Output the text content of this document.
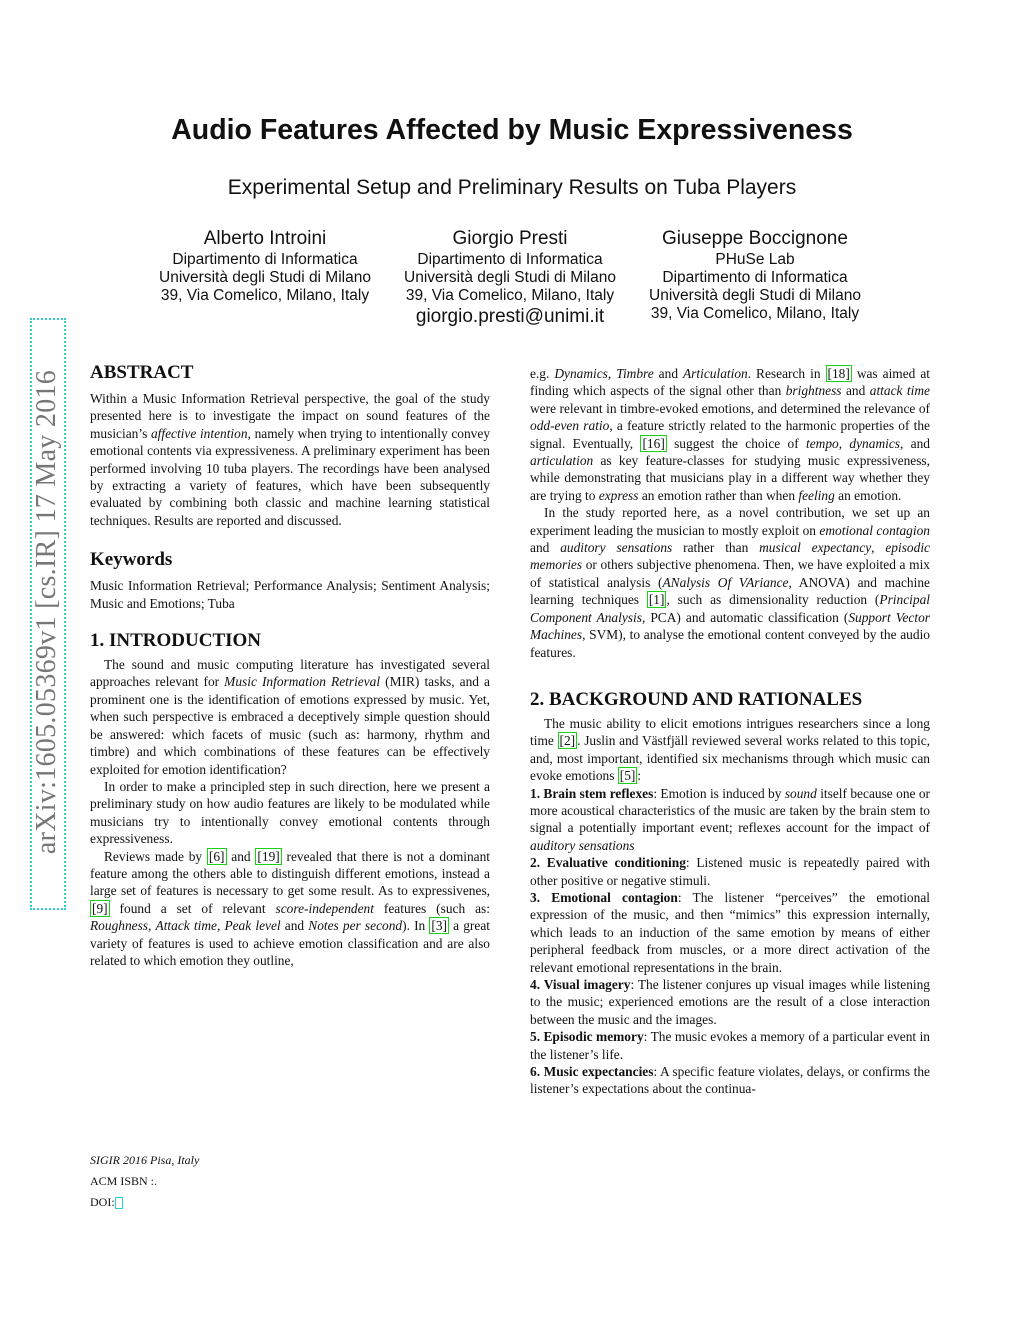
Audio Features Affected by Music Expressiveness
Experimental Setup and Preliminary Results on Tuba Players
Alberto Introini
Dipartimento di Informatica
Università degli Studi di Milano
39, Via Comelico, Milano, Italy
Giorgio Presti
Dipartimento di Informatica
Università degli Studi di Milano
39, Via Comelico, Milano, Italy
giorgio.presti@unimi.it
Giuseppe Boccignone
PHuSe Lab
Dipartimento di Informatica
Università degli Studi di Milano
39, Via Comelico, Milano, Italy
arXiv:1605.05369v1 [cs.IR] 17 May 2016 ABSTRACT

Within a Music Information Retrieval perspective, the goal of the study presented here is to investigate the impact on sound features of the musician’s affective intention, namely when trying to intentionally convey emotional contents via expressiveness. A preliminary experiment has been performed involving 10 tuba players. The recordings have been analysed by extracting a variety of features, which have been subsequently evaluated by combining both classic and machine learning statistical techniques. Results are reported and discussed.

Keywords

Music Information Retrieval; Performance Analysis; Sentiment Analysis; Music and Emotions; Tuba

1. INTRODUCTION

The sound and music computing literature has investigated several approaches relevant for Music Information Retrieval (MIR) tasks, and a prominent one is the identification of emotions expressed by music. Yet, when such perspective is embraced a deceptively simple question should be answered: which facets of music (such as: harmony, rhythm and timbre) and which combinations of these features can be effectively exploited for emotion identification?

In order to make a principled step in such direction, here we present a preliminary study on how audio features are likely to be modulated while musicians try to intentionally convey emotional contents through expressiveness.

Reviews made by [6] and [19] revealed that there is not a dominant feature among the others able to distinguish different emotions, instead a large set of features is necessary to get some result. As to expressivenes, [9] found a set of relevant score-independent features (such as: Roughness, Attack time, Peak level and Notes per second). In [3] a great variety of features is used to achieve emotion classification and are also related to which emotion they outline,

SIGIR 2016 Pisa, Italy
ACM ISBN :.
DOI:

e.g. Dynamics, Timbre and Articulation. Research in [18] was aimed at finding which aspects of the signal other than brightness and attack time were relevant in timbre-evoked emotions, and determined the relevance of odd-even ratio, a feature strictly related to the harmonic properties of the signal. Eventually, [16] suggest the choice of tempo, dynamics, and articulation as key feature-classes for studying music expressiveness, while demonstrating that musicians play in a different way whether they are trying to express an emotion rather than when feeling an emotion.

In the study reported here, as a novel contribution, we set up an experiment leading the musician to mostly exploit on emotional contagion and auditory sensations rather than musical expectancy, episodic memories or others subjective phenomena. Then, we have exploited a mix of statistical analysis (ANalysis Of VAriance, ANOVA) and machine learning techniques [1] , such as dimensionality reduction (Principal Component Analysis, PCA) and automatic classification (Support Vector Machines, SVM), to analyse the emotional content conveyed by the audio features.

2. BACKGROUND AND RATIONALES

The music ability to elicit emotions intrigues researchers since a long time [2] . Juslin and Västfjäll reviewed several works related to this topic, and, most important, identified six mechanisms through which music can evoke emotions [5] :

1. Brain stem reflexes: Emotion is induced by sound itself because one or more acoustical characteristics of the music are taken by the brain stem to signal a potentially important event; reflexes account for the impact of auditory sensations

2. Evaluative conditioning: Listened music is repeatedly paired with other positive or negative stimuli.

3. Emotional contagion: The listener “perceives” the emotional expression of the music, and then “mimics” this expression internally, which leads to an induction of the same emotion by means of either peripheral feedback from muscles, or a more direct activation of the relevant emotional representations in the brain.

4. Visual imagery: The listener conjures up visual images while listening to the music; experienced emotions are the result of a close interaction between the music and the images.

5. Episodic memory: The music evokes a memory of a particular event in the listener’s life.

6. Music expectancies: A specific feature violates, delays, or confirms the listener’s expectations about the continua-
